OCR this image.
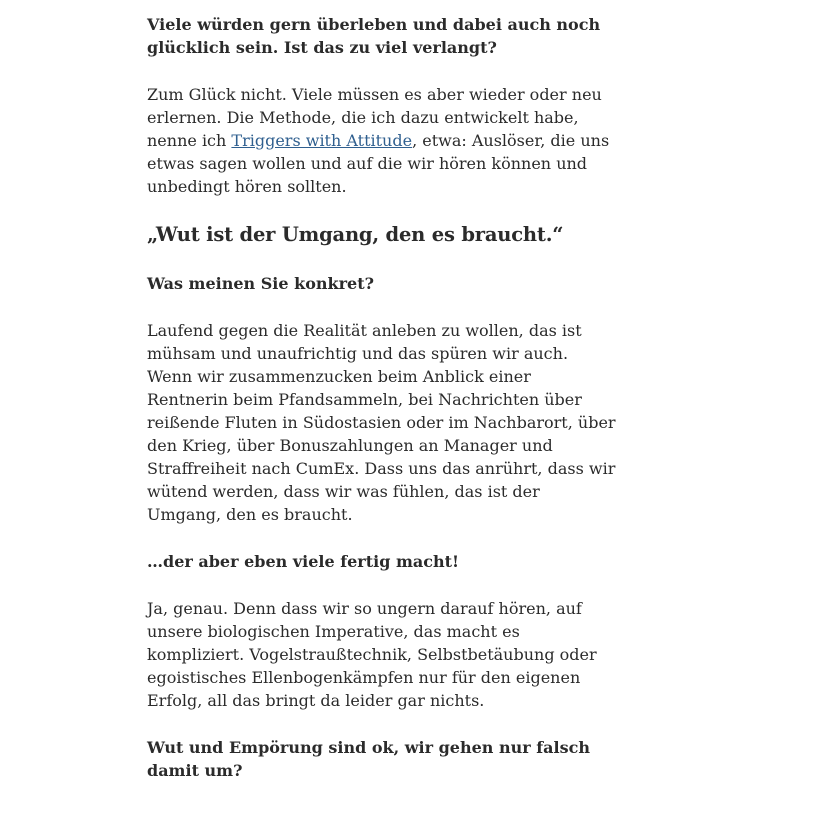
Viele würden gern überleben und dabei auch noch glücklich sein. Ist das zu viel verlangt?

Zum Glück nicht. Viele müssen es aber wieder oder neu erlernen. Die Methode, die ich dazu entwickelt habe, nenne ich Triggers with Attitude, etwa: Auslöser, die uns etwas sagen wollen und auf die wir hören können und unbedingt hören sollten.

„Wut ist der Umgang, den es braucht.“

Was meinen Sie konkret?

Laufend gegen die Realität anleben zu wollen, das ist mühsam und unaufrichtig und das spüren wir auch. Wenn wir zusammenzucken beim Anblick einer Rentnerin beim Pfandsammeln, bei Nachrichten über reißende Fluten in Südostasien oder im Nachbarort, über den Krieg, über Bonuszahlungen an Manager und Straffreiheit nach CumEx. Dass uns das anrührt, dass wir wütend werden, dass wir was fühlen, das ist der Umgang, den es braucht.

…der aber eben viele fertig macht!

Ja, genau. Denn dass wir so ungern darauf hören, auf unsere biologischen Imperative, das macht es kompliziert. Vogelstraußtechnik, Selbstbetäubung oder egoistisches Ellenbogenkämpfen nur für den eigenen Erfolg, all das bringt da leider gar nichts.

Wut und Empörung sind ok, wir gehen nur falsch damit um?
